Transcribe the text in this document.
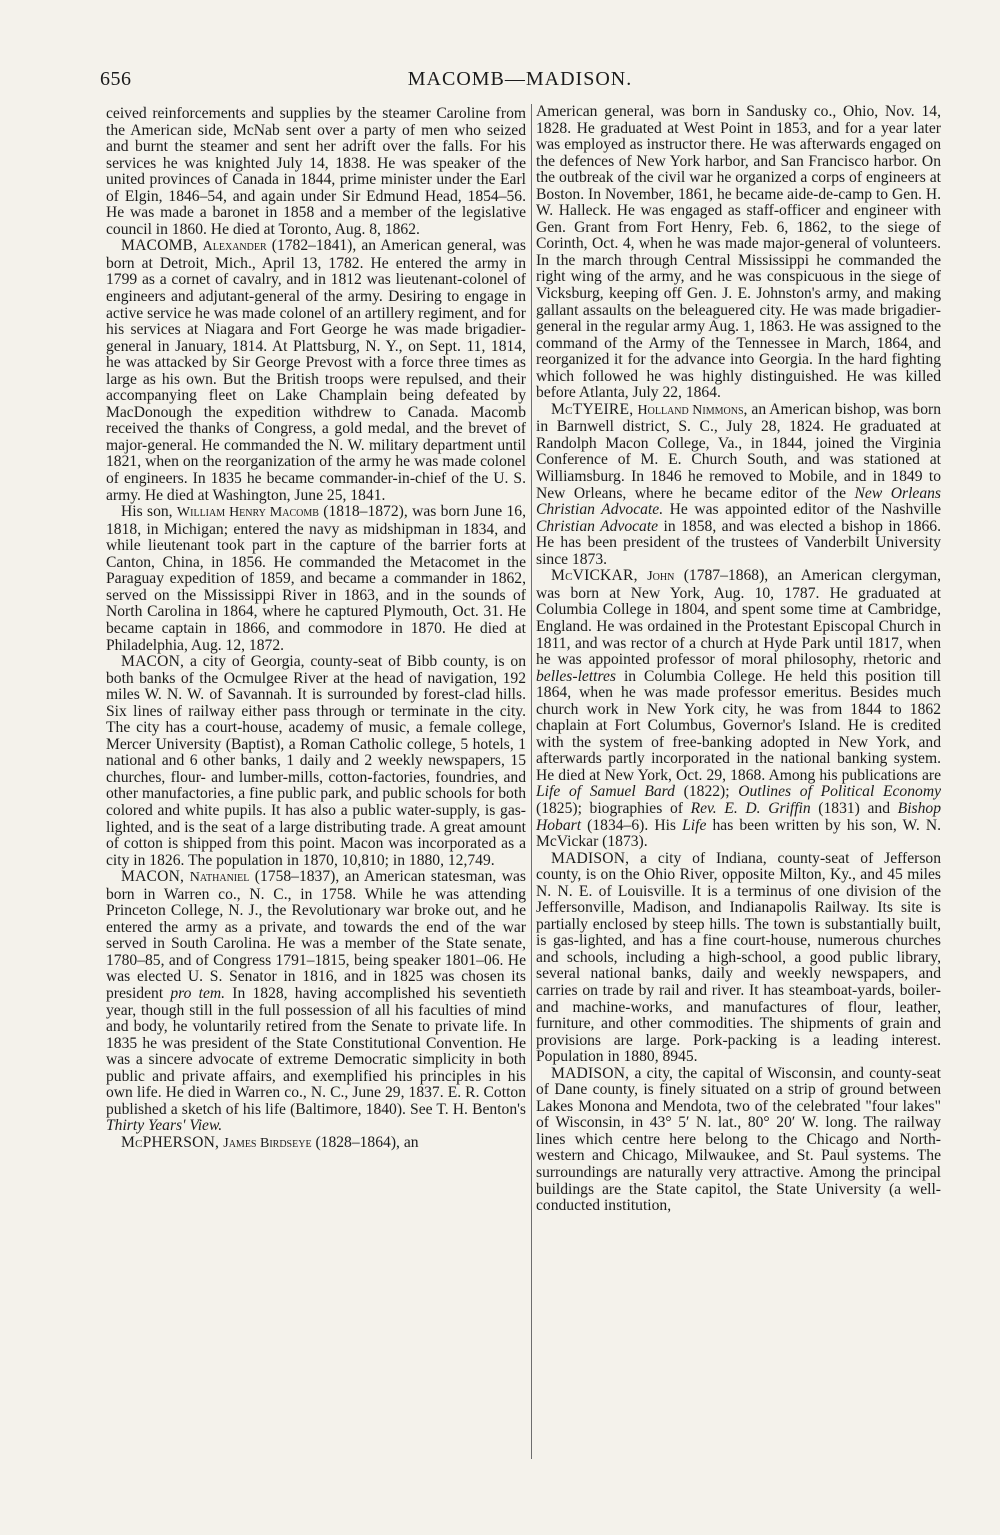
656	MACOMB—MADISON.

ceived reinforcements and supplies by the steamer Caroline from the American side, McNab sent over a party of men who seized and burnt the steamer and sent her adrift over the falls. For his services he was knighted July 14, 1838. He was speaker of the united provinces of Canada in 1844, prime minister under the Earl of Elgin, 1846–54, and again under Sir Edmund Head, 1854–56. He was made a baronet in 1858 and a member of the legislative council in 1860. He died at Toronto, Aug. 8, 1862.

MACOMB, Alexander (1782–1841), an American general, was born at Detroit, Mich., April 13, 1782. He entered the army in 1799 as a cornet of cavalry, and in 1812 was lieutenant-colonel of engineers and adjutant-general of the army. Desiring to engage in active service he was made colonel of an artillery regiment, and for his services at Niagara and Fort George he was made brigadier-general in January, 1814. At Plattsburg, N. Y., on Sept. 11, 1814, he was attacked by Sir George Prevost with a force three times as large as his own. But the British troops were repulsed, and their accompanying fleet on Lake Champlain being defeated by MacDonough the expedition withdrew to Canada. Macomb received the thanks of Congress, a gold medal, and the brevet of major-general. He commanded the N. W. military department until 1821, when on the reorganization of the army he was made colonel of engineers. In 1835 he became commander-in-chief of the U. S. army. He died at Washington, June 25, 1841.

His son, William Henry Macomb (1818–1872), was born June 16, 1818, in Michigan; entered the navy as midshipman in 1834, and while lieutenant took part in the capture of the barrier forts at Canton, China, in 1856. He commanded the Metacomet in the Paraguay expedition of 1859, and became a commander in 1862, served on the Mississippi River in 1863, and in the sounds of North Carolina in 1864, where he captured Plymouth, Oct. 31. He became captain in 1866, and commodore in 1870. He died at Philadelphia, Aug. 12, 1872.

MACON, a city of Georgia, county-seat of Bibb county, is on both banks of the Ocmulgee River at the head of navigation, 192 miles W. N. W. of Savannah. It is surrounded by forest-clad hills. Six lines of railway either pass through or terminate in the city. The city has a court-house, academy of music, a female college, Mercer University (Baptist), a Roman Catholic college, 5 hotels, 1 national and 6 other banks, 1 daily and 2 weekly newspapers, 15 churches, flour- and lumber-mills, cotton-factories, foundries, and other manufactories, a fine public park, and public schools for both colored and white pupils. It has also a public water-supply, is gas-lighted, and is the seat of a large distributing trade. A great amount of cotton is shipped from this point. Macon was incorporated as a city in 1826. The population in 1870, 10,810; in 1880, 12,749.

MACON, Nathaniel (1758–1837), an American statesman, was born in Warren co., N. C., in 1758. While he was attending Princeton College, N. J., the Revolutionary war broke out, and he entered the army as a private, and towards the end of the war served in South Carolina. He was a member of the State senate, 1780–85, and of Congress 1791–1815, being speaker 1801–06. He was elected U. S. Senator in 1816, and in 1825 was chosen its president pro tem. In 1828, having accomplished his seventieth year, though still in the full possession of all his faculties of mind and body, he voluntarily retired from the Senate to private life. In 1835 he was president of the State Constitutional Convention. He was a sincere advocate of extreme Democratic simplicity in both public and private affairs, and exemplified his principles in his own life. He died in Warren co., N. C., June 29, 1837. E. R. Cotton published a sketch of his life (Baltimore, 1840). See T. H. Benton's Thirty Years' View.

McPHERSON, James Birdseye (1828–1864), an

American general, was born in Sandusky co., Ohio, Nov. 14, 1828. He graduated at West Point in 1853, and for a year later was employed as instructor there. He was afterwards engaged on the defences of New York harbor, and San Francisco harbor. On the outbreak of the civil war he organized a corps of engineers at Boston. In November, 1861, he became aide-de-camp to Gen. H. W. Halleck. He was engaged as staff-officer and engineer with Gen. Grant from Fort Henry, Feb. 6, 1862, to the siege of Corinth, Oct. 4, when he was made major-general of volunteers. In the march through Central Mississippi he commanded the right wing of the army, and he was conspicuous in the siege of Vicksburg, keeping off Gen. J. E. Johnston's army, and making gallant assaults on the beleaguered city. He was made brigadier-general in the regular army Aug. 1, 1863. He was assigned to the command of the Army of the Tennessee in March, 1864, and reorganized it for the advance into Georgia. In the hard fighting which followed he was highly distinguished. He was killed before Atlanta, July 22, 1864.

McTYEIRE, Holland Nimmons, an American bishop, was born in Barnwell district, S. C., July 28, 1824. He graduated at Randolph Macon College, Va., in 1844, joined the Virginia Conference of M. E. Church South, and was stationed at Williamsburg. In 1846 he removed to Mobile, and in 1849 to New Orleans, where he became editor of the New Orleans Christian Advocate. He was appointed editor of the Nashville Christian Advocate in 1858, and was elected a bishop in 1866. He has been president of the trustees of Vanderbilt University since 1873.

McVICKAR, John (1787–1868), an American clergyman, was born at New York, Aug. 10, 1787. He graduated at Columbia College in 1804, and spent some time at Cambridge, England. He was ordained in the Protestant Episcopal Church in 1811, and was rector of a church at Hyde Park until 1817, when he was appointed professor of moral philosophy, rhetoric and belles-lettres in Columbia College. He held this position till 1864, when he was made professor emeritus. Besides much church work in New York city, he was from 1844 to 1862 chaplain at Fort Columbus, Governor's Island. He is credited with the system of free-banking adopted in New York, and afterwards partly incorporated in the national banking system. He died at New York, Oct. 29, 1868. Among his publications are Life of Samuel Bard (1822); Outlines of Political Economy (1825); biographies of Rev. E. D. Griffin (1831) and Bishop Hobart (1834–6). His Life has been written by his son, W. N. McVickar (1873).

MADISON, a city of Indiana, county-seat of Jefferson county, is on the Ohio River, opposite Milton, Ky., and 45 miles N. N. E. of Louisville. It is a terminus of one division of the Jeffersonville, Madison, and Indianapolis Railway. Its site is partially enclosed by steep hills. The town is substantially built, is gas-lighted, and has a fine court-house, numerous churches and schools, including a high-school, a good public library, several national banks, daily and weekly newspapers, and carries on trade by rail and river. It has steamboat-yards, boiler- and machine-works, and manufactures of flour, leather, furniture, and other commodities. The shipments of grain and provisions are large. Pork-packing is a leading interest. Population in 1880, 8945.

MADISON, a city, the capital of Wisconsin, and county-seat of Dane county, is finely situated on a strip of ground between Lakes Monona and Mendota, two of the celebrated "four lakes" of Wisconsin, in 43° 5′ N. lat., 80° 20′ W. long. The railway lines which centre here belong to the Chicago and North-western and Chicago, Milwaukee, and St. Paul systems. The surroundings are naturally very attractive. Among the principal buildings are the State capitol, the State University (a well-conducted institution,
